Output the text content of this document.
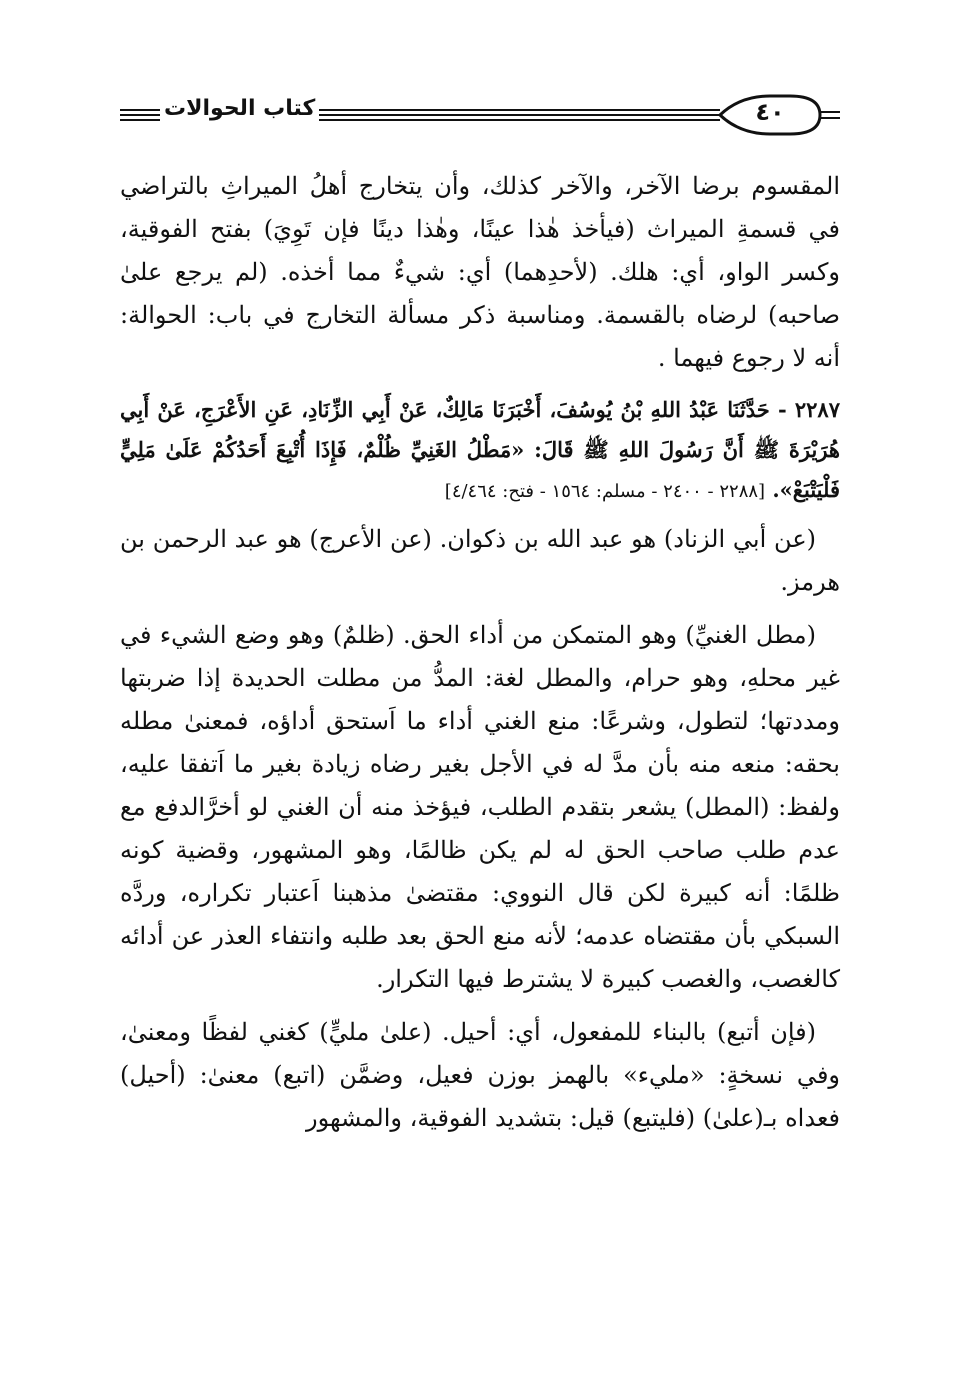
كتاب الحوالات	٤٠

المقسوم برضا الآخر، والآخر كذلك، وأن يتخارج أهلُ الميراثِ بالتراضي في قسمةِ الميراث (فيأخذ هٰذا عينًا، وهٰذا دينًا فإن تَوِيَ) بفتح الفوقية، وكسر الواو، أي: هلك. (لأحدِهما) أي: شيءٌ مما أخذه. (لم يرجع علىٰ صاحبه) لرضاه بالقسمة. ومناسبة ذكر مسألة التخارج في باب: الحوالة: أنه لا رجوع فيهما .

٢٢٨٧ - حَدَّثَنَا عَبْدُ اللهِ بْنُ يُوسُفَ، أَخْبَرَنَا مَالِكٌ، عَنْ أَبِي الزِّنَادِ، عَنِ الأَعْرَجِ، عَنْ أَبِي هُرَيْرَةَ ﷺ أَنَّ رَسُولَ اللهِ ﷺ قَالَ: «مَطْلُ الغَنِيِّ ظُلْمٌ، فَإِذَا أُتْبِعَ أَحَدُكُمْ عَلَىٰ مَلِيٍّ فَلْيَتْبَعْ». [٢٢٨٨ - ٢٤٠٠ - مسلم: ١٥٦٤ - فتح: ٤/٤٦٤]

(عن أبي الزناد) هو عبد الله بن ذكوان. (عن الأعرج) هو عبد الرحمن بن هرمز.

(مطل الغنيِّ) وهو المتمكن من أداء الحق. (ظلمٌ) وهو وضع الشيء في غير محلهِ، وهو حرام، والمطل لغة: المدُّ من مطلت الحديدة إذا ضربتها ومددتها؛ لتطول، وشرعًا: منع الغني أداء ما اَستحق أداؤه، فمعنىٰ مطله بحقه: منعه منه بأن مدَّ له في الأجل بغير رضاه زيادة بغير ما اَتفقا عليه، ولفظ: (المطل) يشعر بتقدم الطلب، فيؤخذ منه أن الغني لو أخرَّالدفع مع عدم طلب صاحب الحق له لم يكن ظالمًا، وهو المشهور، وقضية كونه ظلمًا: أنه كبيرة لكن قال النووي: مقتضىٰ مذهبنا اَعتبار تكراره، وردَّه السبكي بأن مقتضاه عدمه؛ لأنه منع الحق بعد طلبه وانتفاء العذر عن أدائه كالغصب، والغصب كبيرة لا يشترط فيها التكرار.

(فإن أتبع) بالبناء للمفعول، أي: أحيل. (علىٰ مليٍّ) كغني لفظًا ومعنىٰ، وفي نسخةٍ: «مليء» بالهمز بوزن فعيل، وضمَّن (اتبع) معنىٰ: (أحيل) فعداه بـ(علىٰ) (فليتبع) قيل: بتشديد الفوقية، والمشهور
